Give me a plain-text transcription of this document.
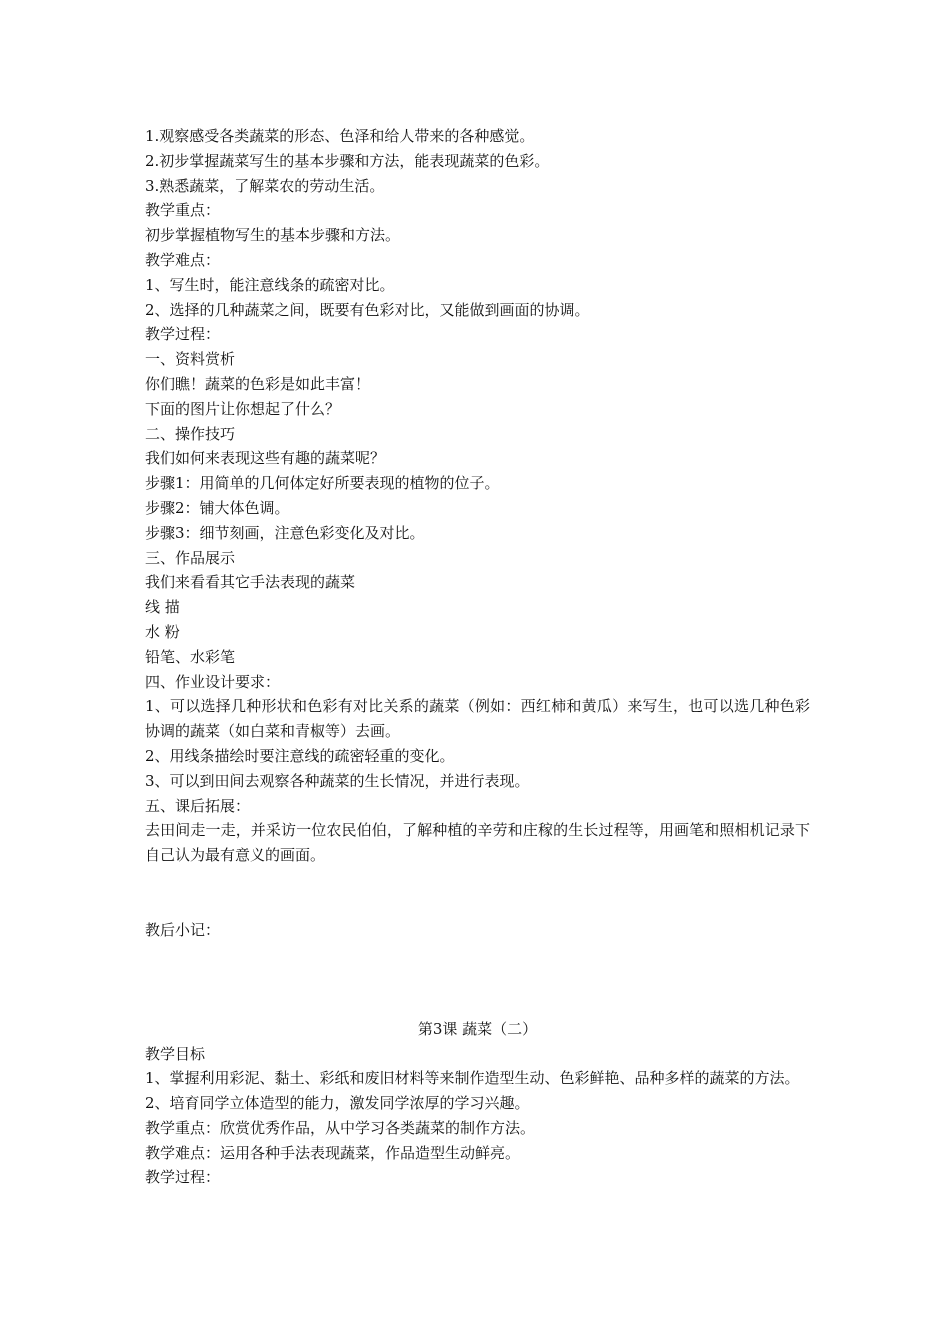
1.观察感受各类蔬菜的形态、色泽和给人带来的各种感觉。
2.初步掌握蔬菜写生的基本步骤和方法，能表现蔬菜的色彩。
3.熟悉蔬菜，了解菜农的劳动生活。
教学重点：
初步掌握植物写生的基本步骤和方法。
教学难点：
1、写生时，能注意线条的疏密对比。
2、选择的几种蔬菜之间，既要有色彩对比，又能做到画面的协调。
教学过程：
一、资料赏析
你们瞧！蔬菜的色彩是如此丰富！
下面的图片让你想起了什么？
二、操作技巧
我们如何来表现这些有趣的蔬菜呢？
步骤1：用简单的几何体定好所要表现的植物的位子。
步骤2：铺大体色调。
步骤3：细节刻画，注意色彩变化及对比。
三、作品展示
我们来看看其它手法表现的蔬菜
线 描
水 粉
铅笔、水彩笔
四、作业设计要求：
1、可以选择几种形状和色彩有对比关系的蔬菜（例如：西红柿和黄瓜）来写生，也可以选几种色彩协调的蔬菜（如白菜和青椒等）去画。
2、用线条描绘时要注意线的疏密轻重的变化。
3、可以到田间去观察各种蔬菜的生长情况，并进行表现。
五、课后拓展：
去田间走一走，并采访一位农民伯伯，了解种植的辛劳和庄稼的生长过程等，用画笔和照相机记录下自己认为最有意义的画面。
教后小记：
第3课 蔬菜（二）
教学目标
1、掌握利用彩泥、黏土、彩纸和废旧材料等来制作造型生动、色彩鲜艳、品种多样的蔬菜的方法。
2、培育同学立体造型的能力，激发同学浓厚的学习兴趣。
教学重点：欣赏优秀作品，从中学习各类蔬菜的制作方法。
教学难点：运用各种手法表现蔬菜，作品造型生动鲜亮。
教学过程：
